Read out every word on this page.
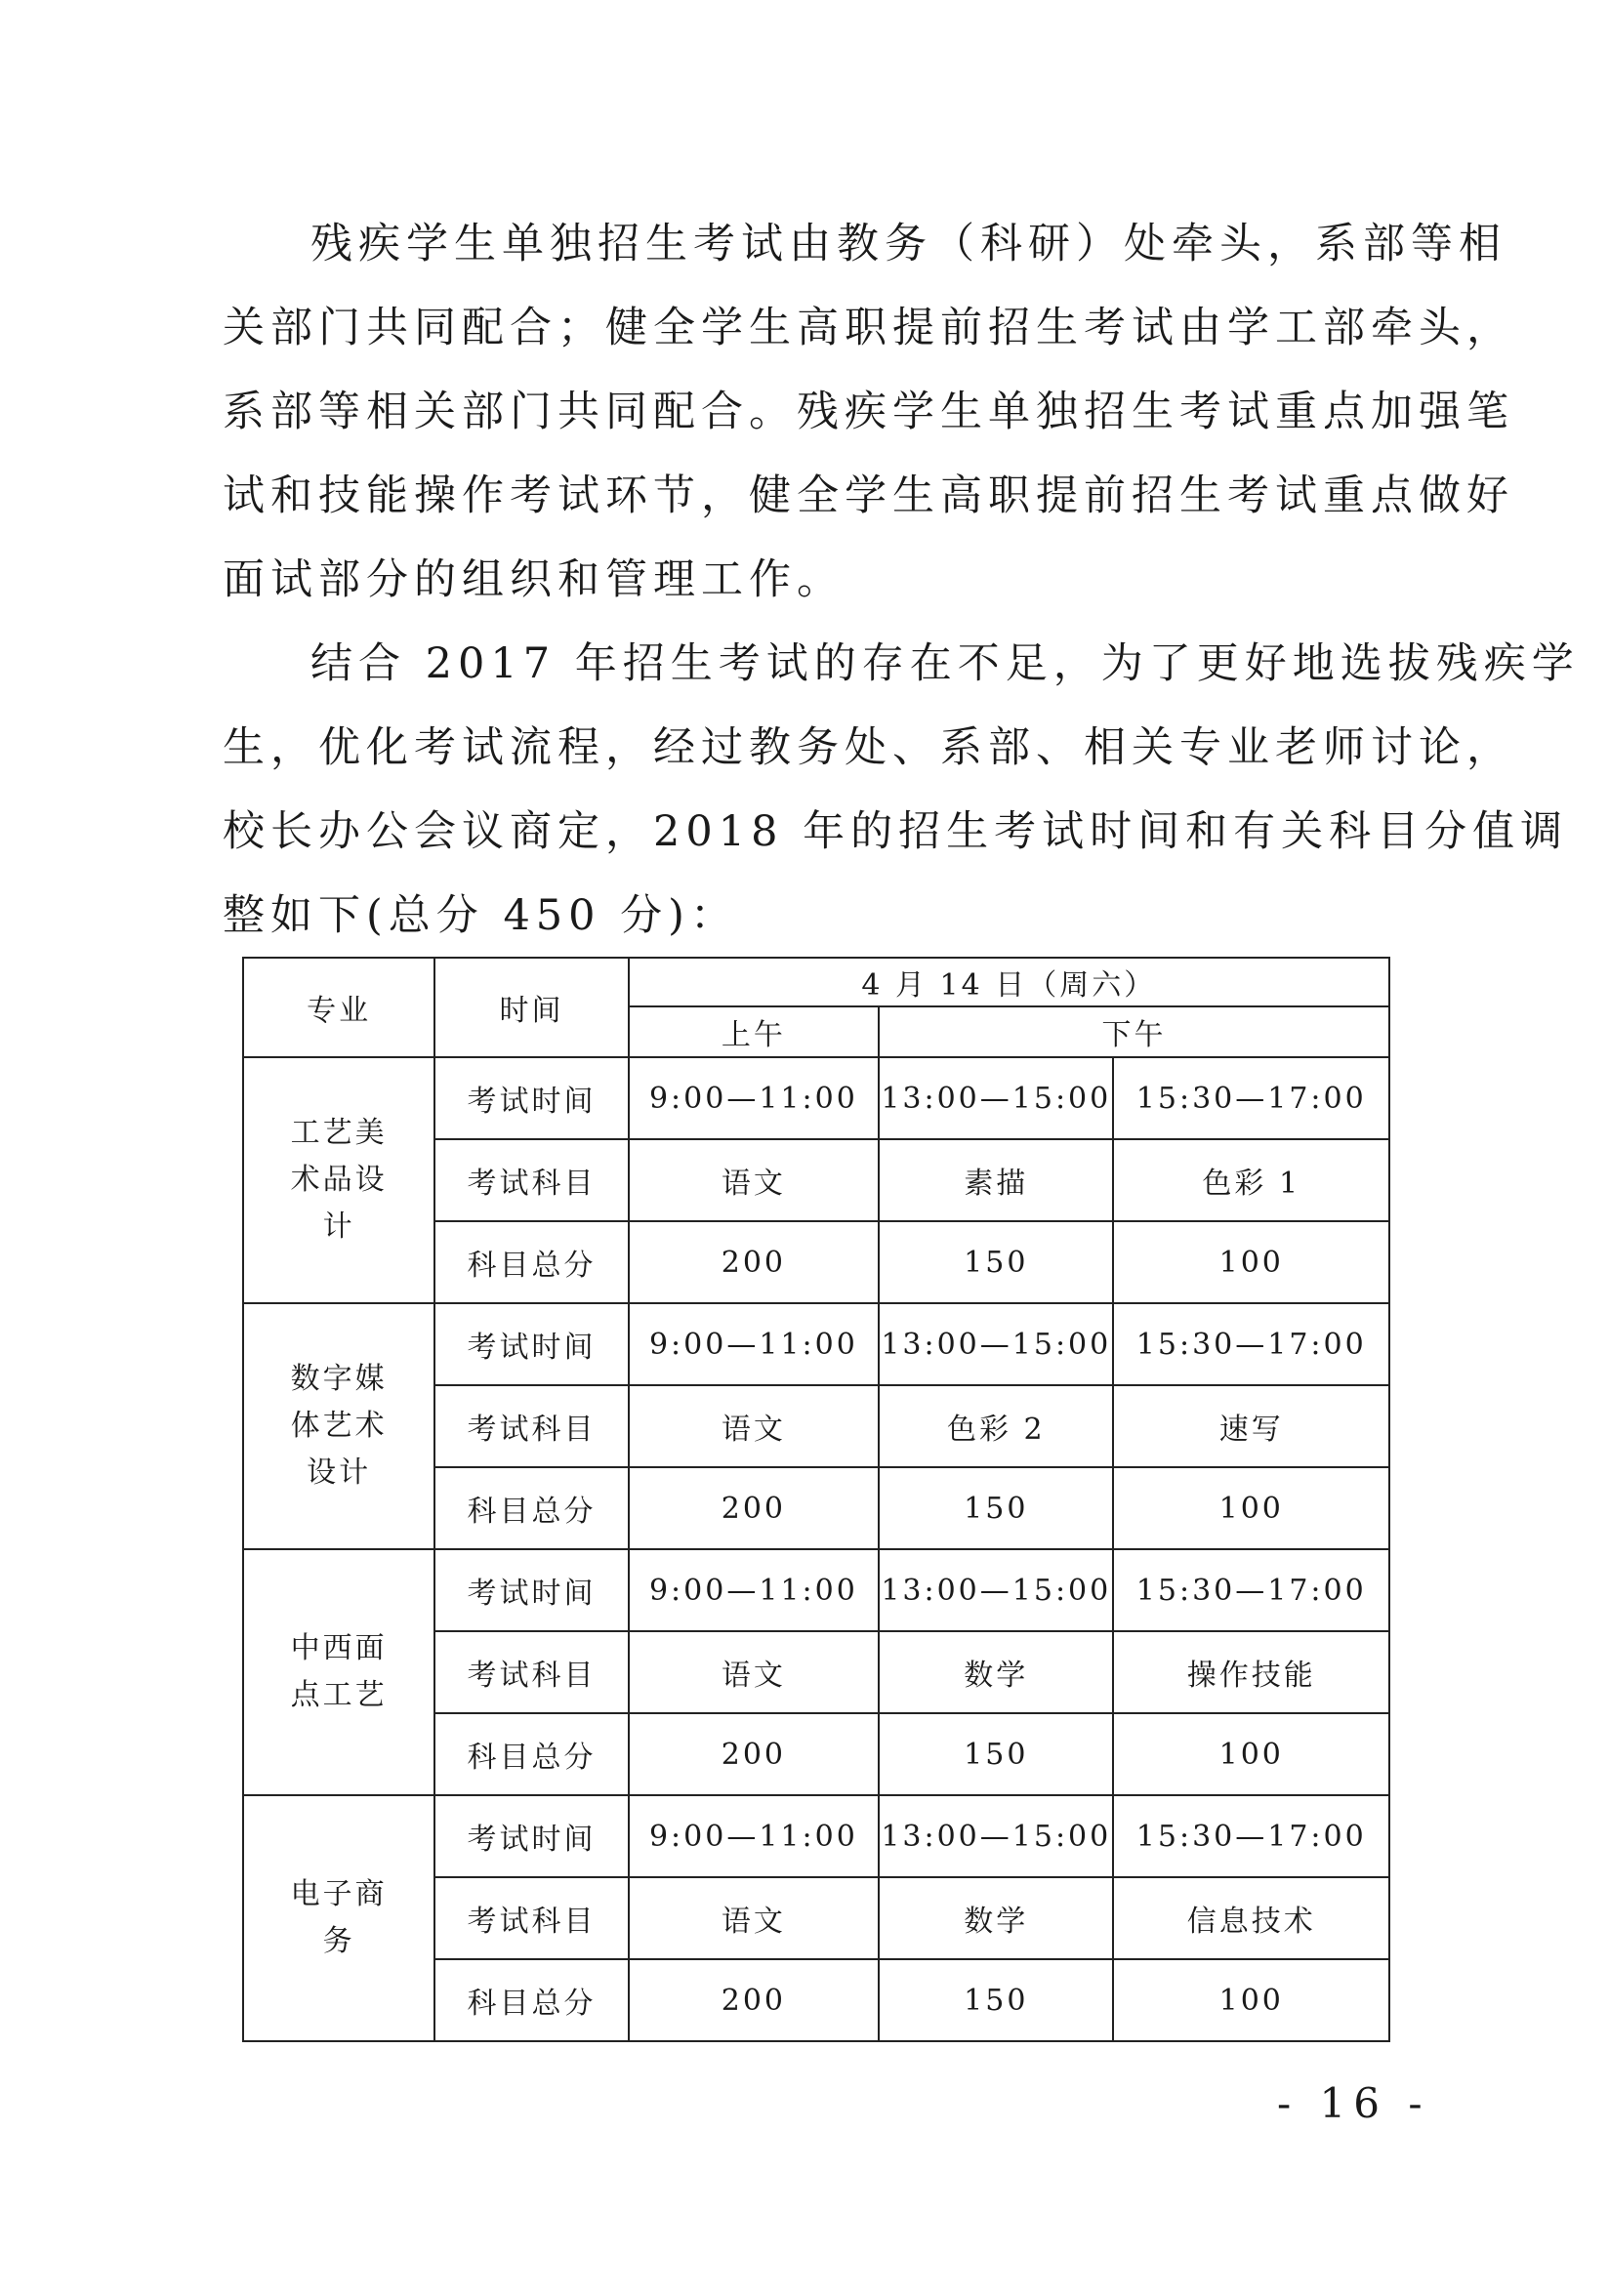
残疾学生单独招生考试由教务（科研）处牵头，系部等相
关部门共同配合；健全学生高职提前招生考试由学工部牵头，
系部等相关部门共同配合。残疾学生单独招生考试重点加强笔
试和技能操作考试环节，健全学生高职提前招生考试重点做好
面试部分的组织和管理工作。
结合 2017 年招生考试的存在不足，为了更好地选拔残疾学
生，优化考试流程，经过教务处、系部、相关专业老师讨论，
校长办公会议商定，2018 年的招生考试时间和有关科目分值调
整如下(总分 450 分)：
专业	时间	4 月 14 日（周六）		
		上午	下午	
工艺美术品设计	考试时间	9:00—11:00	13:00—15:00	15:30—17:00
	考试科目	语文	素描	色彩 1
	科目总分	200	150	100
数字媒体艺术设计	考试时间	9:00—11:00	13:00—15:00	15:30—17:00
	考试科目	语文	色彩 2	速写
	科目总分	200	150	100
中西面点工艺	考试时间	9:00—11:00	13:00—15:00	15:30—17:00
	考试科目	语文	数学	操作技能
	科目总分	200	150	100
电子商务	考试时间	9:00—11:00	13:00—15:00	15:30—17:00
	考试科目	语文	数学	信息技术
	科目总分	200	150	100
- 16 -
